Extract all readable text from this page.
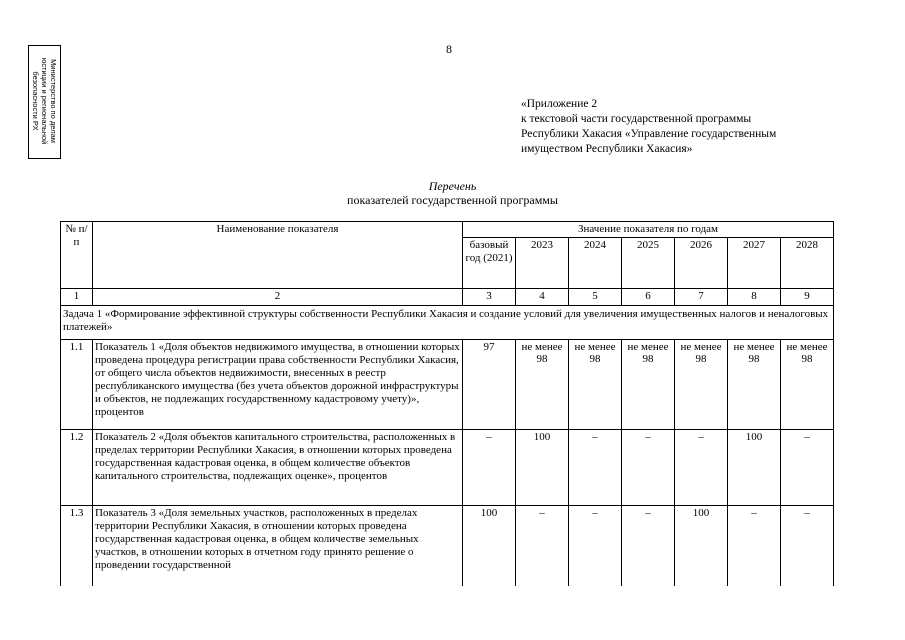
Министерство по делам юстиции и региональной безопасности РХ
8
«Приложение 2
к текстовой части государственной программы
Республики Хакасия «Управление государственным
имуществом Республики Хакасия»
Перечень
показателей государственной программы
№ п/п	Наименование показателя	Значение показателя по годам						
		базовый год (2021)	2023	2024	2025	2026	2027	2028
1	2	3	4	5	6	7	8	9
Задача 1 «Формирование эффективной структуры собственности Республики Хакасия и создание условий для увеличения имущественных налогов и неналоговых платежей»								
1.1	Показатель 1 «Доля объектов недвижимого имущества, в отношении которых проведена процедура регистрации права собственности Республики Хакасия, от общего числа объектов недвижимости, внесенных в реестр республиканского имущества (без учета объектов дорожной инфраструктуры и объектов, не подлежащих государственному кадастровому учету)», процентов	97	не менее 98	не менее 98	не менее 98	не менее 98	не менее 98	не менее 98
1.2	Показатель 2 «Доля объектов капитального строительства, расположенных в пределах территории Республики Хакасия, в отношении которых проведена государственная кадастровая оценка, в общем количестве объектов капитального строительства, подлежащих оценке», процентов	–	100	–	–	–	100	–
1.3	Показатель 3 «Доля земельных участков, расположенных в пределах территории Республики Хакасия, в отношении которых проведена государственная кадастровая оценка, в общем количестве земельных участков, в отношении которых в отчетном году принято решение о проведении государственной	100	–	–	–	100	–	–
